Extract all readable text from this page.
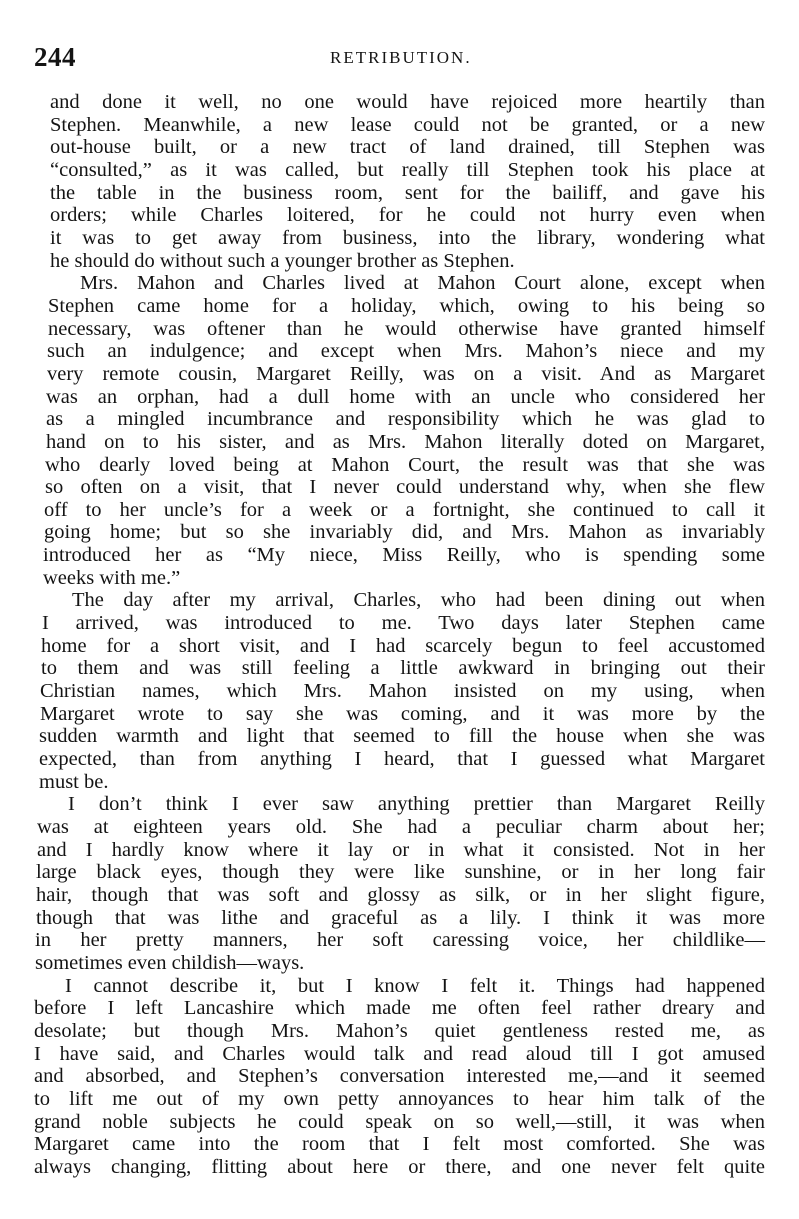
244	RETRIBUTION.
and done it well, no one would have rejoiced more heartily than
Stephen. Meanwhile, a new lease could not be granted, or a new
out-house built, or a new tract of land drained, till Stephen was
“consulted,” as it was called, but really till Stephen took his place at
the table in the business room, sent for the bailiff, and gave his
orders; while Charles loitered, for he could not hurry even when
it was to get away from business, into the library, wondering what
he should do without such a younger brother as Stephen.
Mrs. Mahon and Charles lived at Mahon Court alone, except when
Stephen came home for a holiday, which, owing to his being so
necessary, was oftener than he would otherwise have granted himself
such an indulgence; and except when Mrs. Mahon’s niece and my
very remote cousin, Margaret Reilly, was on a visit. And as Margaret
was an orphan, had a dull home with an uncle who considered her
as a mingled incumbrance and responsibility which he was glad to
hand on to his sister, and as Mrs. Mahon literally doted on Margaret,
who dearly loved being at Mahon Court, the result was that she was
so often on a visit, that I never could understand why, when she flew
off to her uncle’s for a week or a fortnight, she continued to call it
going home; but so she invariably did, and Mrs. Mahon as invariably
introduced her as “My niece, Miss Reilly, who is spending some
weeks with me.”
The day after my arrival, Charles, who had been dining out when
I arrived, was introduced to me. Two days later Stephen came
home for a short visit, and I had scarcely begun to feel accustomed
to them and was still feeling a little awkward in bringing out their
Christian names, which Mrs. Mahon insisted on my using, when
Margaret wrote to say she was coming, and it was more by the
sudden warmth and light that seemed to fill the house when she was
expected, than from anything I heard, that I guessed what Margaret
must be.
I don’t think I ever saw anything prettier than Margaret Reilly
was at eighteen years old. She had a peculiar charm about her;
and I hardly know where it lay or in what it consisted. Not in her
large black eyes, though they were like sunshine, or in her long fair
hair, though that was soft and glossy as silk, or in her slight figure,
though that was lithe and graceful as a lily. I think it was more
in her pretty manners, her soft caressing voice, her childlike—
sometimes even childish—ways.
I cannot describe it, but I know I felt it. Things had happened
before I left Lancashire which made me often feel rather dreary and
desolate; but though Mrs. Mahon’s quiet gentleness rested me, as
I have said, and Charles would talk and read aloud till I got amused
and absorbed, and Stephen’s conversation interested me,—and it seemed
to lift me out of my own petty annoyances to hear him talk of the
grand noble subjects he could speak on so well,—still, it was when
Margaret came into the room that I felt most comforted. She was
always changing, flitting about here or there, and one never felt quite
